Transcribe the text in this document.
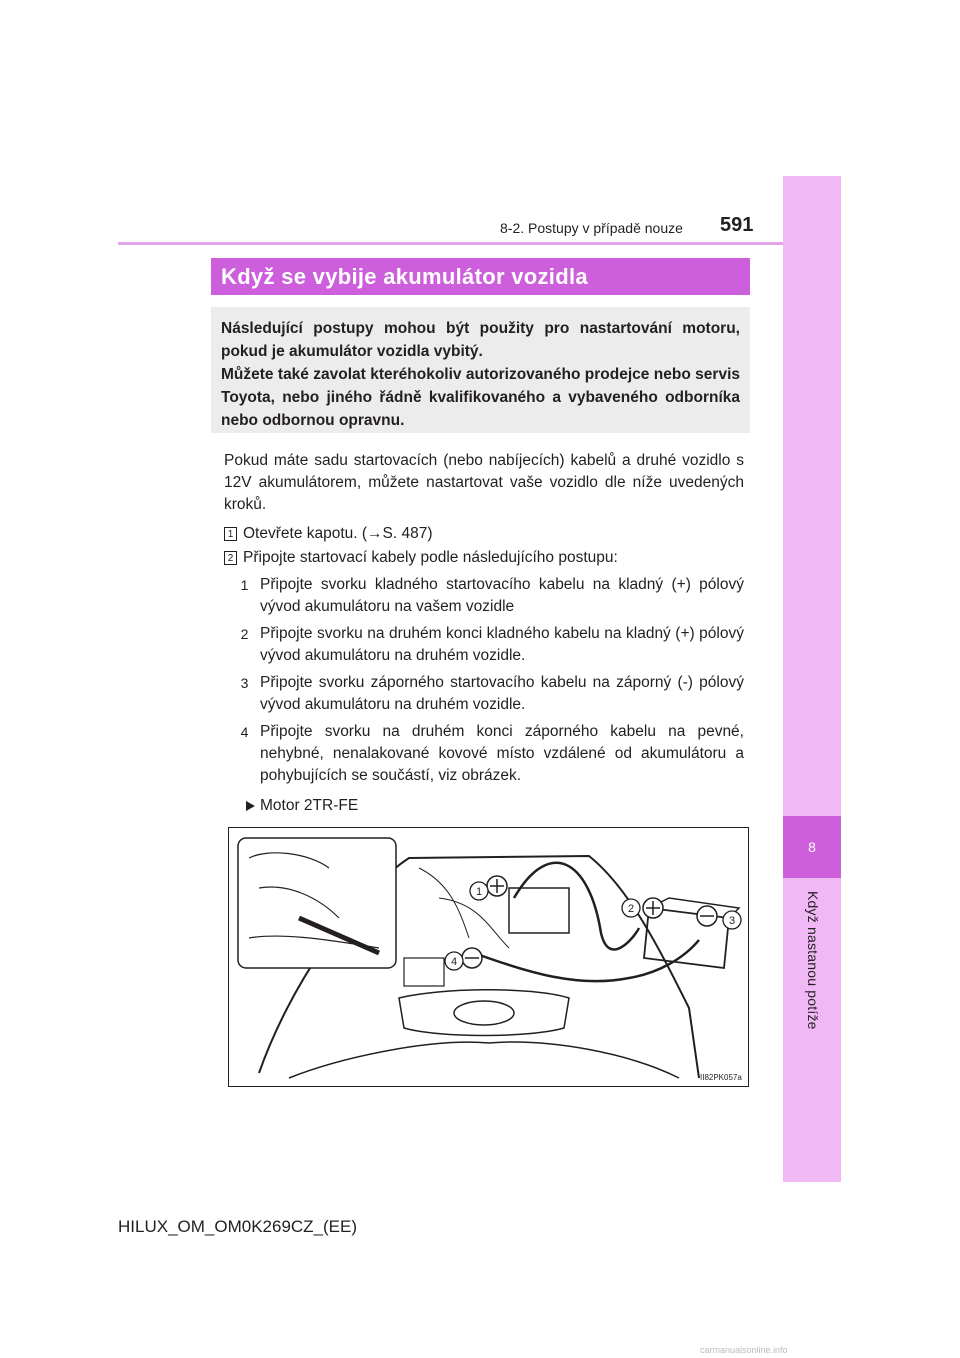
8
Když nastanou potíže
8-2. Postupy v případě nouze 591
Když se vybije akumulátor vozidla

Následující postupy mohou být použity pro nastartování motoru, pokud je akumulátor vozidla vybitý.

Můžete také zavolat kteréhokoliv autorizovaného prodejce nebo servis Toyota, nebo jiného řádně kvalifikovaného a vybaveného odborníka nebo odbornou opravnu.

Pokud máte sadu startovacích (nebo nabíjecích) kabelů a druhé vozidlo s 12V akumulátorem, můžete nastartovat vaše vozidlo dle níže uvedených kroků.
1 Otevřete kapotu. (→S. 487)
2 Připojte startovací kabely podle následujícího postupu:
1 Připojte svorku kladného startovacího kabelu na kladný (+) pólový vývod akumulátoru na vašem vozidle
2 Připojte svorku na druhém konci kladného kabelu na kladný (+) pólový vývod akumulátoru na druhém vozidle.
3 Připojte svorku záporného startovacího kabelu na záporný (-) pólový vývod akumulátoru na druhém vozidle.
4 Připojte svorku na druhém konci záporného kabelu na pevné, nehybné, nenalakované kovové místo vzdálené od akumulátoru a pohybujících se součástí, viz obrázek.
Motor 2TR-FE
1
2
3
4
II82PK057a
HILUX_OM_OM0K269CZ_(EE)
carmanualsonline.info
